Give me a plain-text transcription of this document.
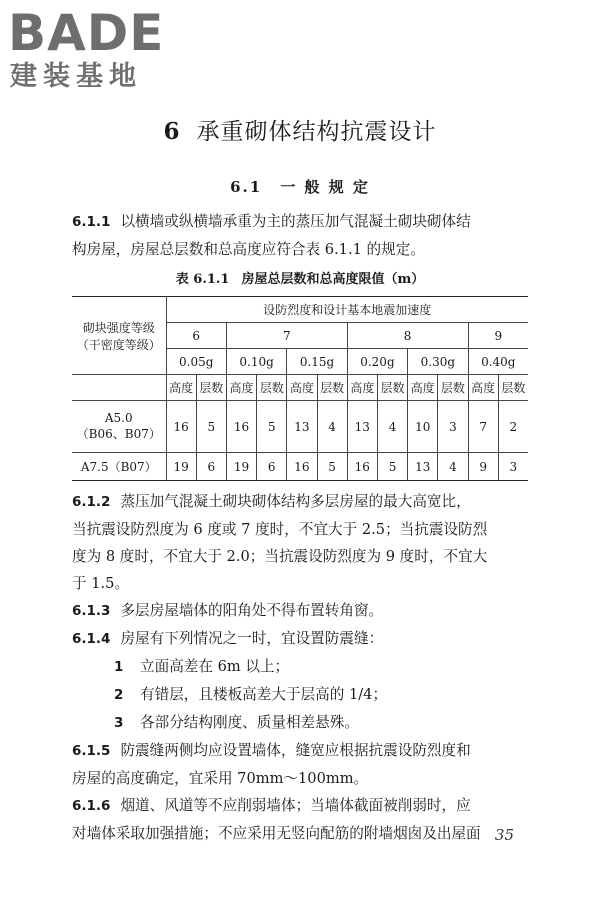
BADE
建装基地
6 承重砌体结构抗震设计
6.1 一 般 规 定

6.1.1 以横墙或纵横墙承重为主的蒸压加气混凝土砌块砌体结

构房屋，房屋总层数和总高度应符合表 6.1.1 的规定。

表 6.1.1 房屋总层数和总高度限值（m）
砌块强度等级
（干密度等级）	设防烈度和设计基本地震加速度											
	6		7				8				9	
	0.05g		0.10g		0.15g		0.20g		0.30g		0.40g	
	高度	层数	高度	层数	高度	层数	高度	层数	高度	层数	高度	层数

A5.0
（B06、B07）	16	5	16	5	13	4	13	4	10	3	7	2
A7.5（B07）	19	6	19	6	16	5	16	5	13	4	9	3

6.1.2 蒸压加气混凝土砌块砌体结构多层房屋的最大高宽比，

当抗震设防烈度为 6 度或 7 度时，不宜大于 2.5；当抗震设防烈

度为 8 度时，不宜大于 2.0；当抗震设防烈度为 9 度时，不宜大

于 1.5。

6.1.3 多层房屋墙体的阳角处不得布置转角窗。

6.1.4 房屋有下列情况之一时，宜设置防震缝：

1 立面高差在 6m 以上；

2 有错层，且楼板高差大于层高的 1/4；

3 各部分结构刚度、质量相差悬殊。

6.1.5 防震缝两侧均应设置墙体，缝宽应根据抗震设防烈度和

房屋的高度确定，宜采用 70mm～100mm。

6.1.6 烟道、风道等不应削弱墙体；当墙体截面被削弱时，应

对墙体采取加强措施；不应采用无竖向配筋的附墙烟囱及出屋面 35
